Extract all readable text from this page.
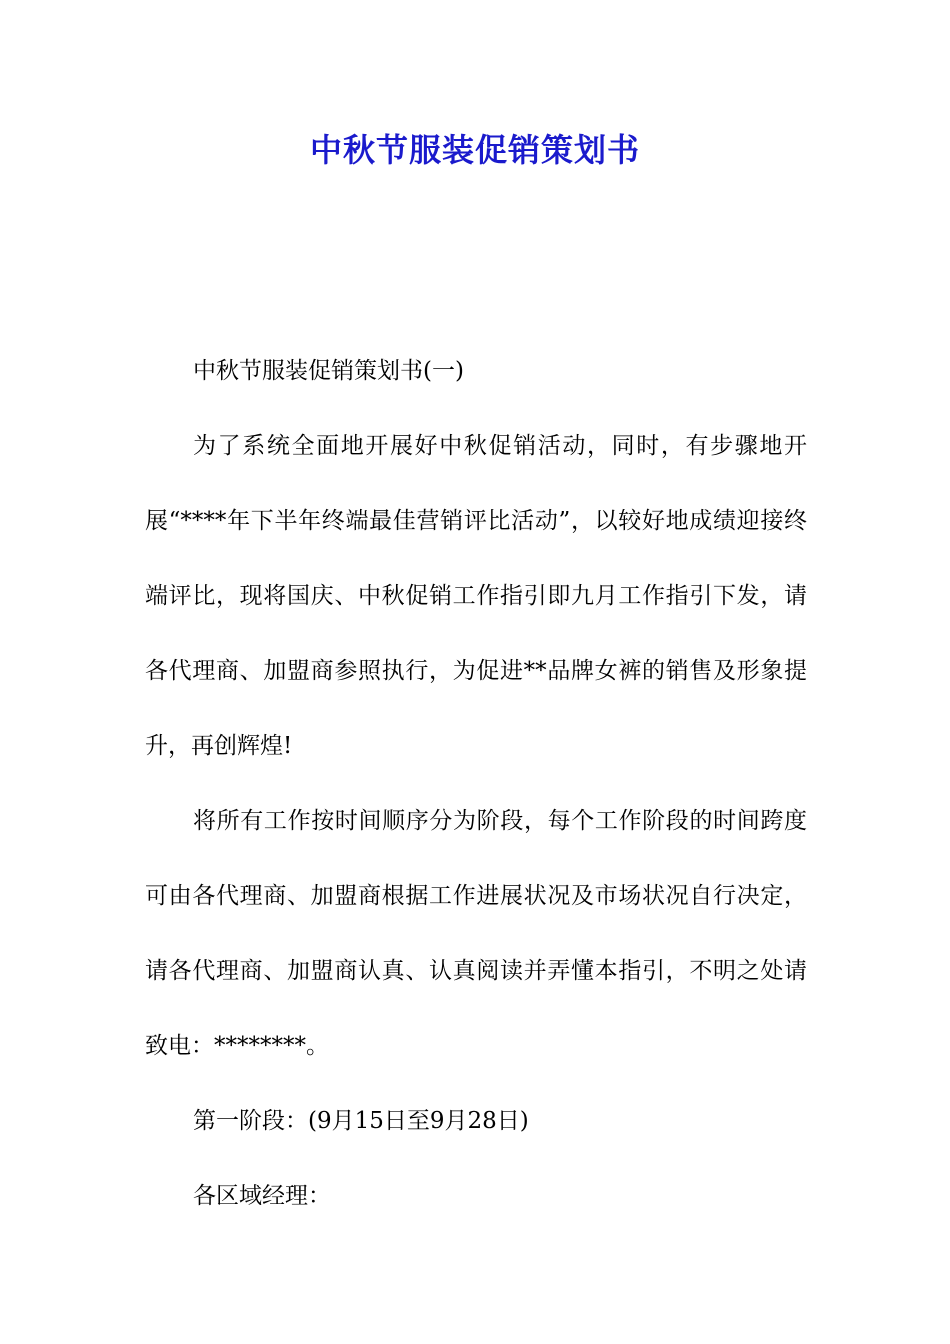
中秋节服装促销策划书

中秋节服装促销策划书(一)

为了系统全面地开展好中秋促销活动，同时，有步骤地开展“****年下半年终端最佳营销评比活动”，以较好地成绩迎接终端评比，现将国庆、中秋促销工作指引即九月工作指引下发，请各代理商、加盟商参照执行，为促进**品牌女裤的销售及形象提升，再创辉煌!

将所有工作按时间顺序分为阶段，每个工作阶段的时间跨度可由各代理商、加盟商根据工作进展状况及市场状况自行决定，请各代理商、加盟商认真、认真阅读并弄懂本指引，不明之处请致电：********。

第一阶段：(9月15日至9月28日)

各区域经理：
